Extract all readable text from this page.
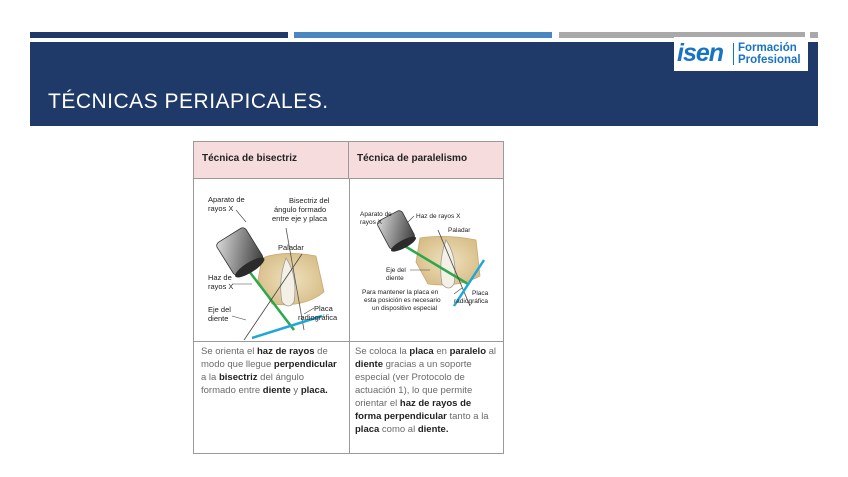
TÉCNICAS PERIAPICALES.
isen Formación
Profesional
Técnica de bisectriz	Técnica de paralelismo
Aparato de
rayos X
Bisectriz del
ángulo formado
entre eje y placa
Paladar
Haz de
rayos X
Eje del
diente
Placa
radiográfica
Aparato de
rayos X
Haz de rayos X
Paladar
Eje del
diente
Para mantener la placa en
esta posición es necesario
un dispositivo especial
Placa
radiográfica
Se orienta el haz de rayos de modo que llegue perpendicular a la bisectriz del ángulo formado entre diente y placa.
Se coloca la placa en paralelo al diente gracias a un soporte especial (ver Protocolo de actuación 1), lo que permite orientar el haz de rayos de forma perpendicular tanto a la placa como al diente.
